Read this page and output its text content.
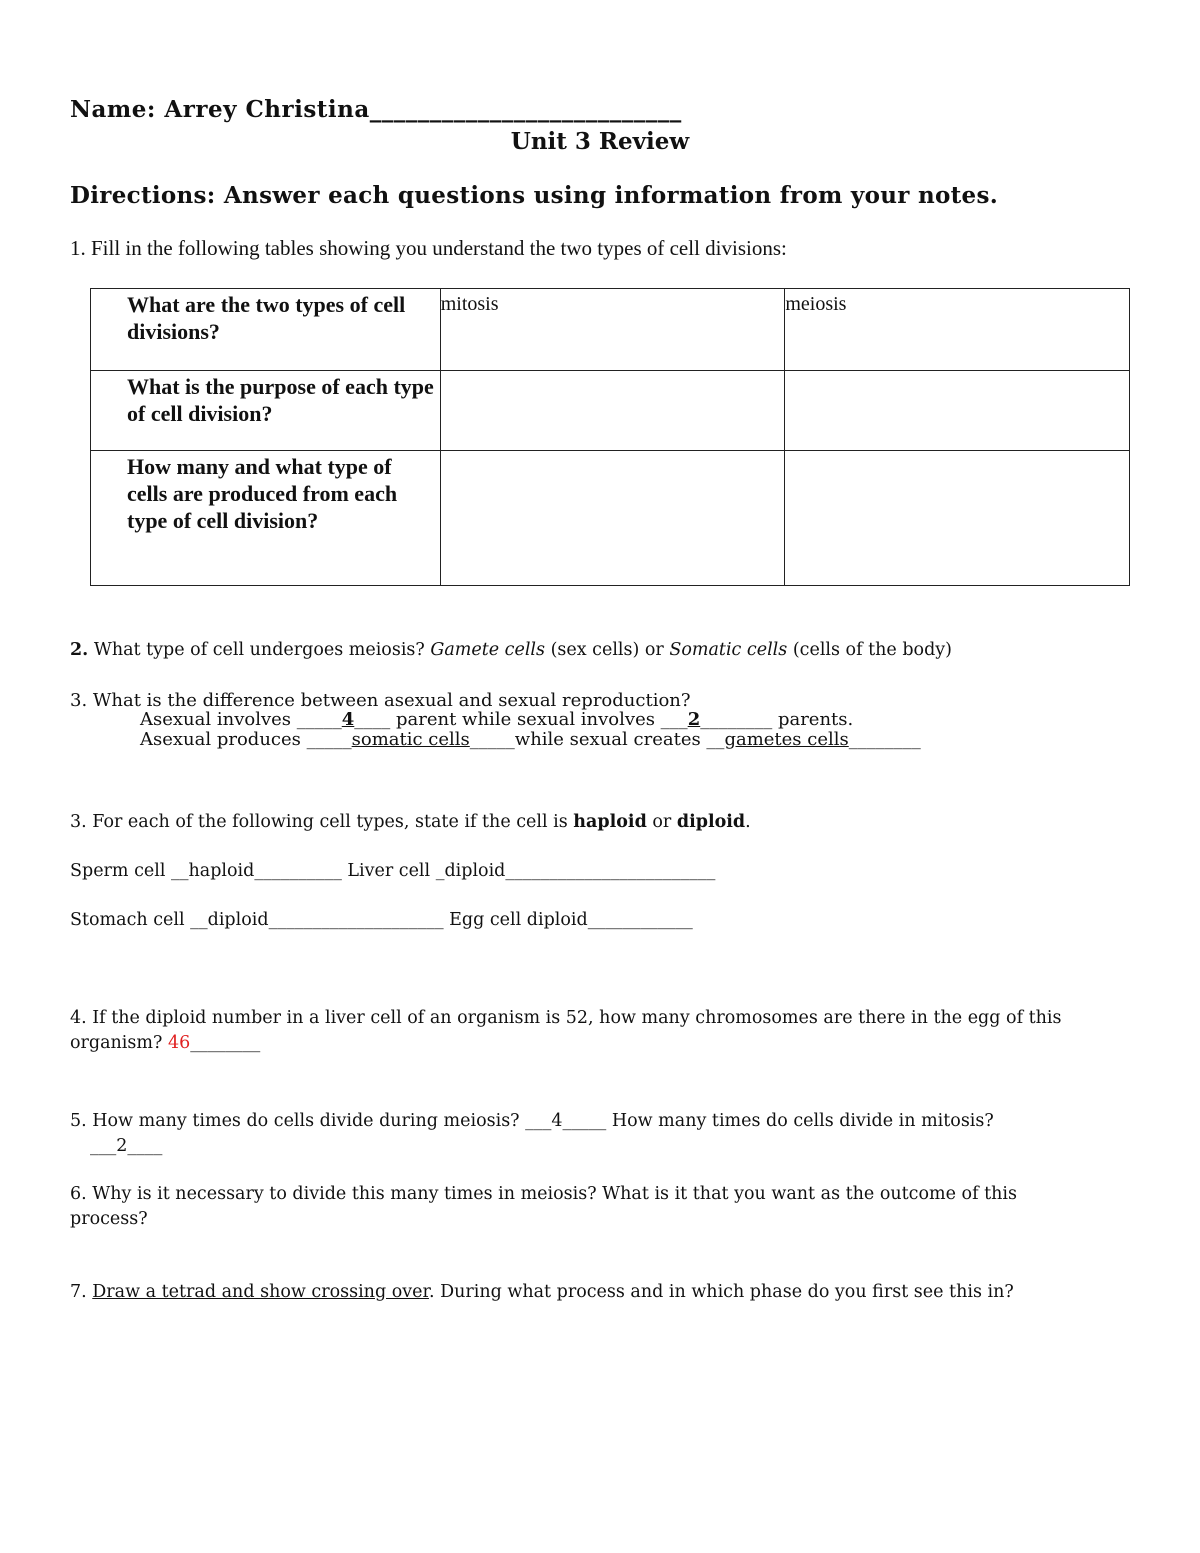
Name: Arrey Christina__________________________
Unit 3 Review
Directions: Answer each questions using information from your notes.
1. Fill in the following tables showing you understand the two types of cell divisions:
What are the two types of cell divisions?	mitosis	meiosis
What is the purpose of each type of cell division?		
How many and what type of cells are produced from each type of cell division?		
2. What type of cell undergoes meiosis? Gamete cells (sex cells) or Somatic cells (cells of the body)
3. What is the difference between asexual and sexual reproduction?
Asexual involves _____4____ parent while sexual involves ___2________ parents.
Asexual produces _____somatic cells_____while sexual creates __gametes cells________
3. For each of the following cell types, state if the cell is haploid or diploid.
Sperm cell __haploid__________ Liver cell _diploid________________________
Stomach cell __diploid____________________ Egg cell diploid____________
4. If the diploid number in a liver cell of an organism is 52, how many chromosomes are there in the egg of this
organism? 46________
5. How many times do cells divide during meiosis? ___4_____ How many times do cells divide in mitosis?
___2____
6. Why is it necessary to divide this many times in meiosis? What is it that you want as the outcome of this
process?
7. Draw a tetrad and show crossing over. During what process and in which phase do you first see this in?
